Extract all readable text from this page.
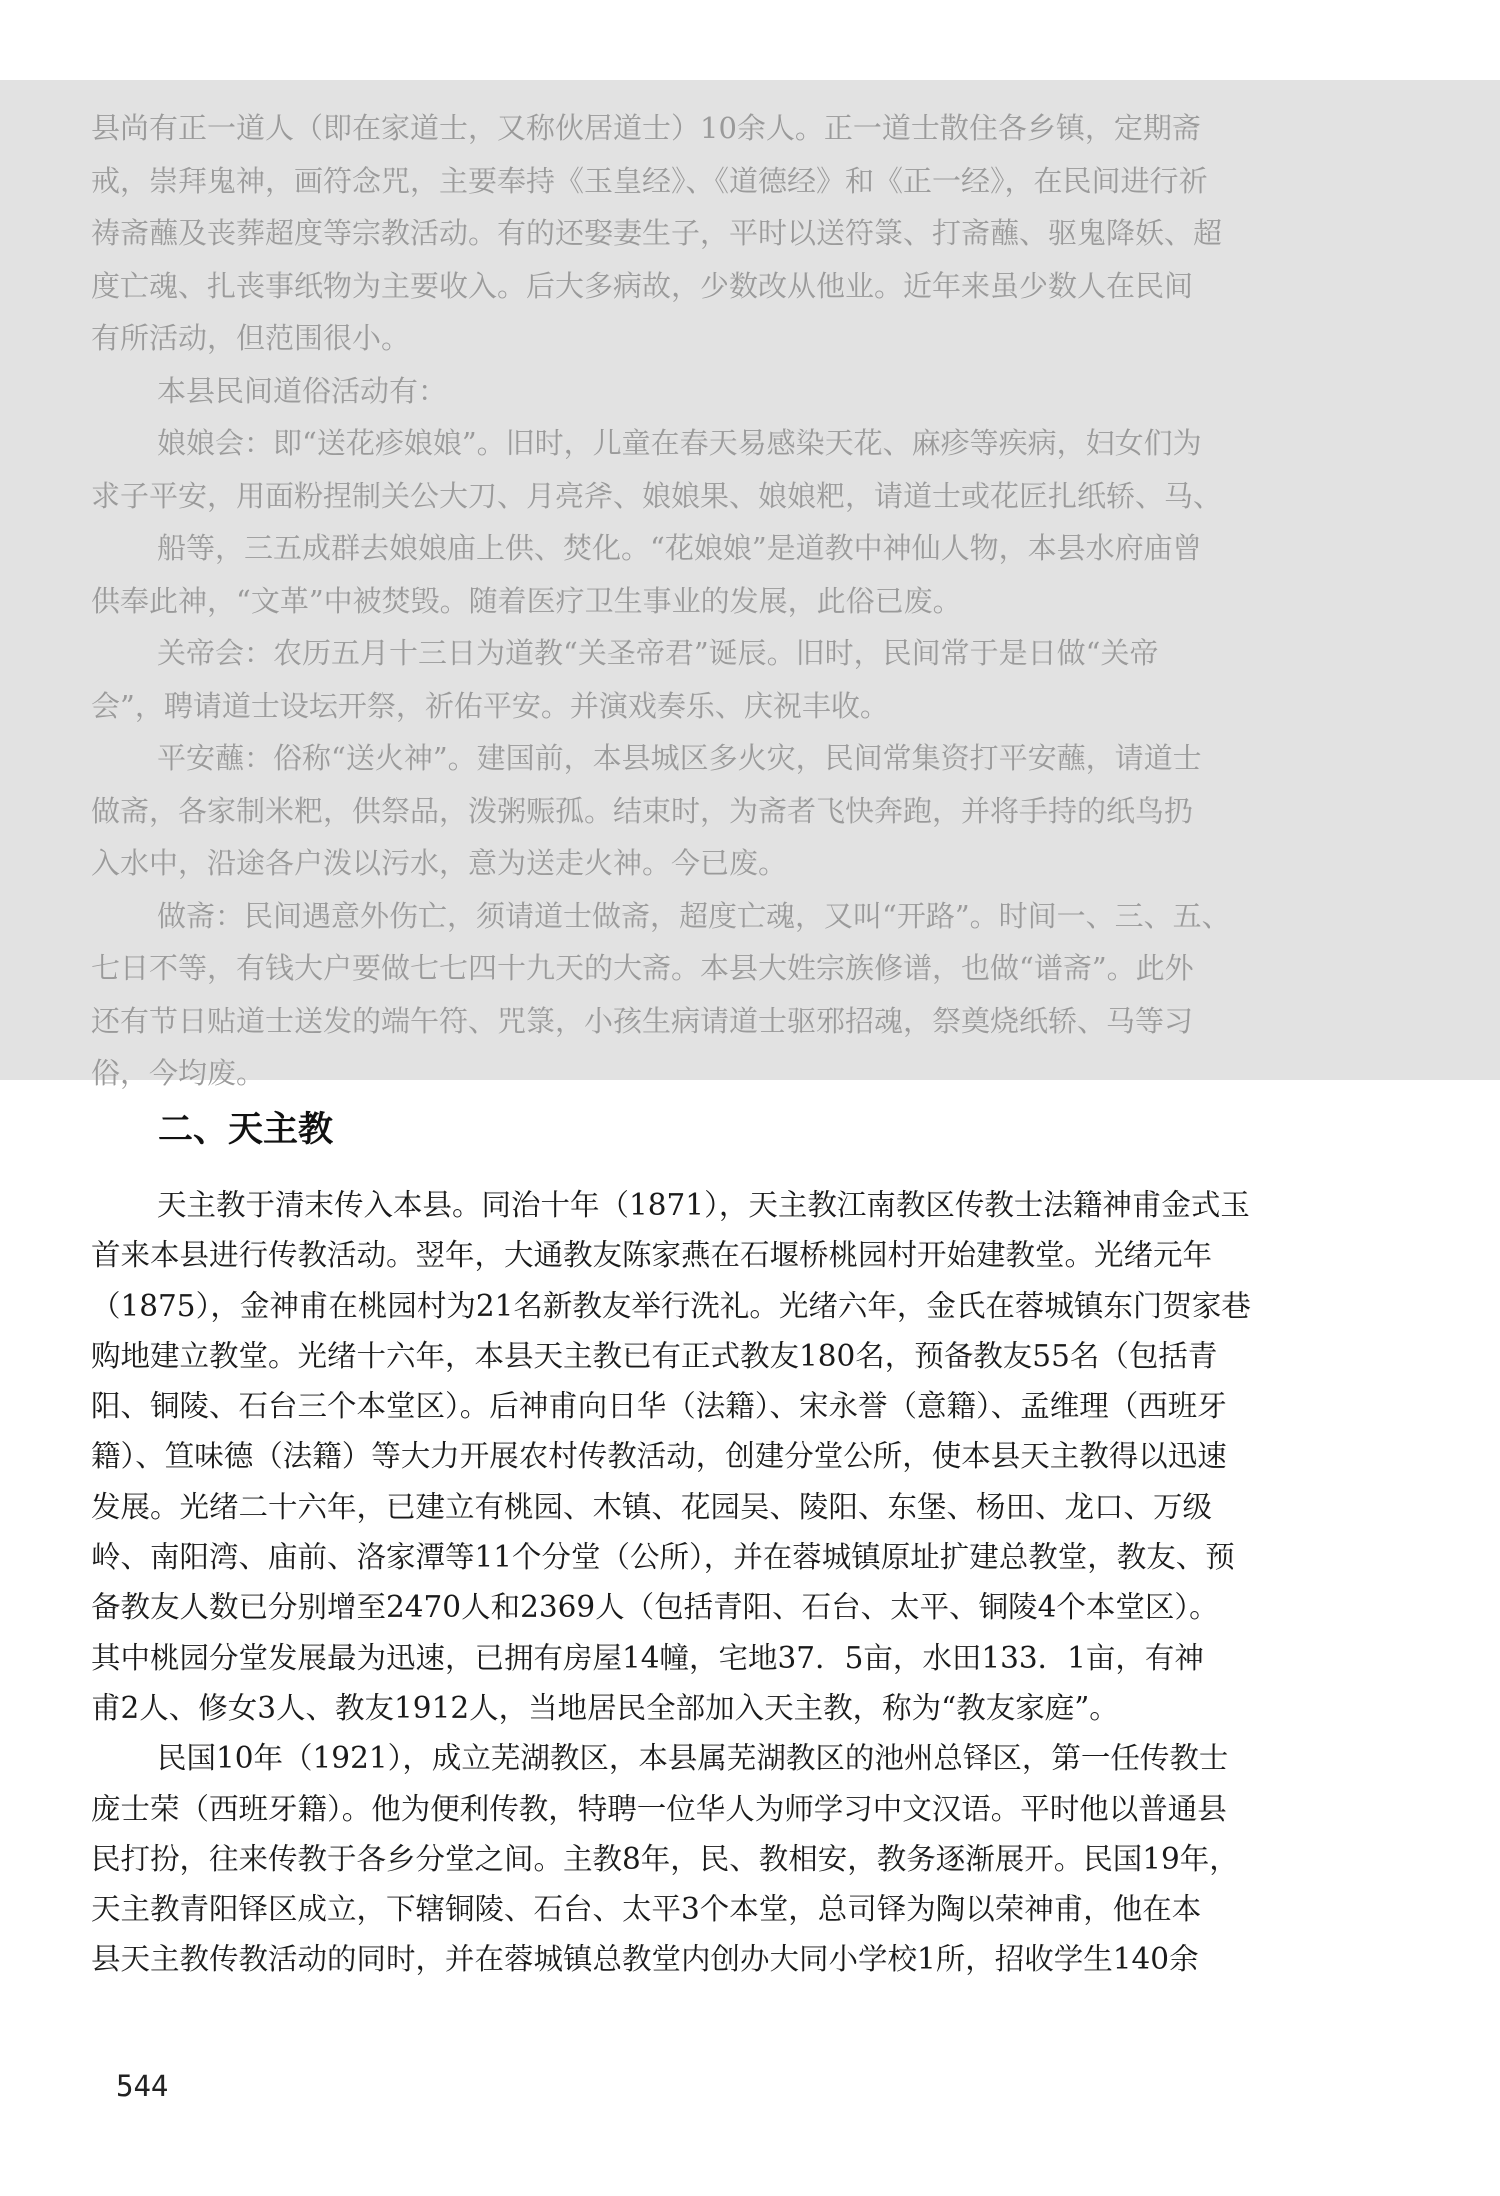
县尚有正一道人（即在家道士，又称伙居道士）10余人。正一道士散住各乡镇，定期斋

戒，崇拜鬼神，画符念咒，主要奉持《玉皇经》、《道德经》和《正一经》，在民间进行祈

祷斋蘸及丧葬超度等宗教活动。有的还娶妻生子，平时以送符箓、打斋蘸、驱鬼降妖、超

度亡魂、扎丧事纸物为主要收入。后大多病故，少数改从他业。近年来虽少数人在民间

有所活动，但范围很小。

本县民间道俗活动有：

娘娘会：即“送花疹娘娘”。旧时，儿童在春天易感染天花、麻疹等疾病，妇女们为

求子平安，用面粉捏制关公大刀、月亮斧、娘娘果、娘娘粑，请道士或花匠扎纸轿、马、

船等，三五成群去娘娘庙上供、焚化。“花娘娘”是道教中神仙人物，本县水府庙曾

供奉此神，“文革”中被焚毁。随着医疗卫生事业的发展，此俗已废。

关帝会：农历五月十三日为道教“关圣帝君”诞辰。旧时，民间常于是日做“关帝

会”，聘请道士设坛开祭，祈佑平安。并演戏奏乐、庆祝丰收。

平安蘸：俗称“送火神”。建国前，本县城区多火灾，民间常集资打平安蘸，请道士

做斋，各家制米粑，供祭品，泼粥赈孤。结束时，为斋者飞快奔跑，并将手持的纸鸟扔

入水中，沿途各户泼以污水，意为送走火神。今已废。

做斋：民间遇意外伤亡，须请道士做斋，超度亡魂，又叫“开路”。时间一、三、五、

七日不等，有钱大户要做七七四十九天的大斋。本县大姓宗族修谱，也做“谱斋”。此外

还有节日贴道士送发的端午符、咒箓，小孩生病请道士驱邪招魂，祭奠烧纸轿、马等习

俗，今均废。

二、天主教

天主教于清末传入本县。同治十年（1871），天主教江南教区传教士法籍神甫金式玉

首来本县进行传教活动。翌年，大通教友陈家燕在石堰桥桃园村开始建教堂。光绪元年

（1875），金神甫在桃园村为21名新教友举行洗礼。光绪六年，金氏在蓉城镇东门贺家巷

购地建立教堂。光绪十六年，本县天主教已有正式教友180名，预备教友55名（包括青

阳、铜陵、石台三个本堂区）。后神甫向日华（法籍）、宋永誉（意籍）、孟维理（西班牙

籍）、笪味德（法籍）等大力开展农村传教活动，创建分堂公所，使本县天主教得以迅速

发展。光绪二十六年，已建立有桃园、木镇、花园吴、陵阳、东堡、杨田、龙口、万级

岭、南阳湾、庙前、洛家潭等11个分堂（公所），并在蓉城镇原址扩建总教堂，教友、预

备教友人数已分别增至2470人和2369人（包括青阳、石台、太平、铜陵4个本堂区）。

其中桃园分堂发展最为迅速，已拥有房屋14幢，宅地37．5亩，水田133．1亩，有神

甫2人、修女3人、教友1912人，当地居民全部加入天主教，称为“教友家庭”。

民国10年（1921），成立芜湖教区，本县属芜湖教区的池州总铎区，第一任传教士

庞士荣（西班牙籍）。他为便利传教，特聘一位华人为师学习中文汉语。平时他以普通县

民打扮，往来传教于各乡分堂之间。主教8年，民、教相安，教务逐渐展开。民国19年，

天主教青阳铎区成立，下辖铜陵、石台、太平3个本堂，总司铎为陶以荣神甫，他在本

县天主教传教活动的同时，并在蓉城镇总教堂内创办大同小学校1所，招收学生140余

544
